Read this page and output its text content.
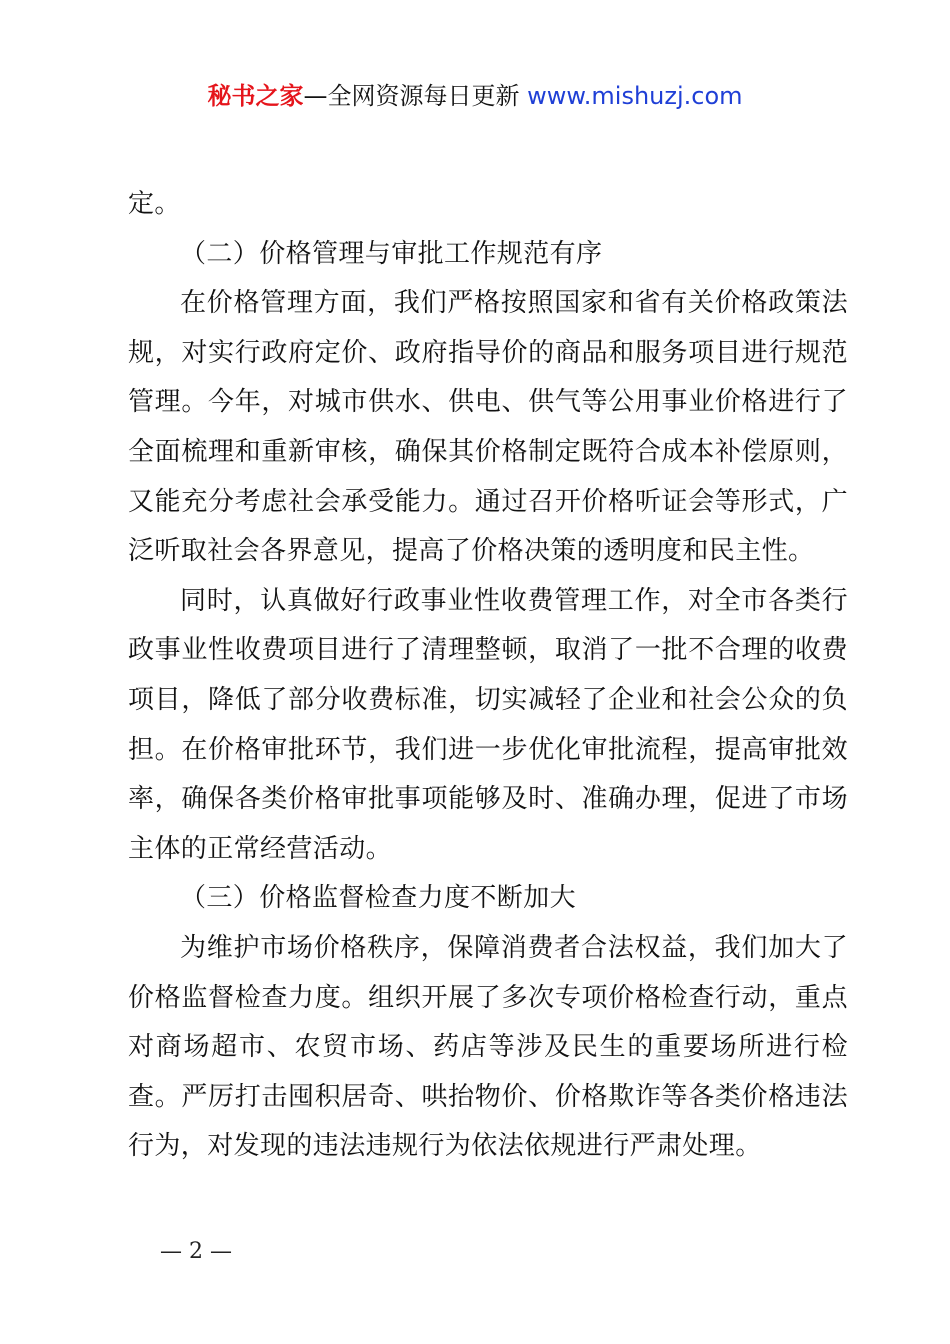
秘书之家—全网资源每日更新 www.mishuzj.com

定。

（二）价格管理与审批工作规范有序

在价格管理方面，我们严格按照国家和省有关价格政策法规，对实行政府定价、政府指导价的商品和服务项目进行规范管理。今年，对城市供水、供电、供气等公用事业价格进行了全面梳理和重新审核，确保其价格制定既符合成本补偿原则，又能充分考虑社会承受能力。通过召开价格听证会等形式，广泛听取社会各界意见，提高了价格决策的透明度和民主性。

同时，认真做好行政事业性收费管理工作，对全市各类行政事业性收费项目进行了清理整顿，取消了一批不合理的收费项目，降低了部分收费标准，切实减轻了企业和社会公众的负担。在价格审批环节，我们进一步优化审批流程，提高审批效率，确保各类价格审批事项能够及时、准确办理，促进了市场主体的正常经营活动。

（三）价格监督检查力度不断加大

为维护市场价格秩序，保障消费者合法权益，我们加大了价格监督检查力度。组织开展了多次专项价格检查行动，重点对商场超市、农贸市场、药店等涉及民生的重要场所进行检查。严厉打击囤积居奇、哄抬物价、价格欺诈等各类价格违法行为，对发现的违法违规行为依法依规进行严肃处理。

— 2 —
